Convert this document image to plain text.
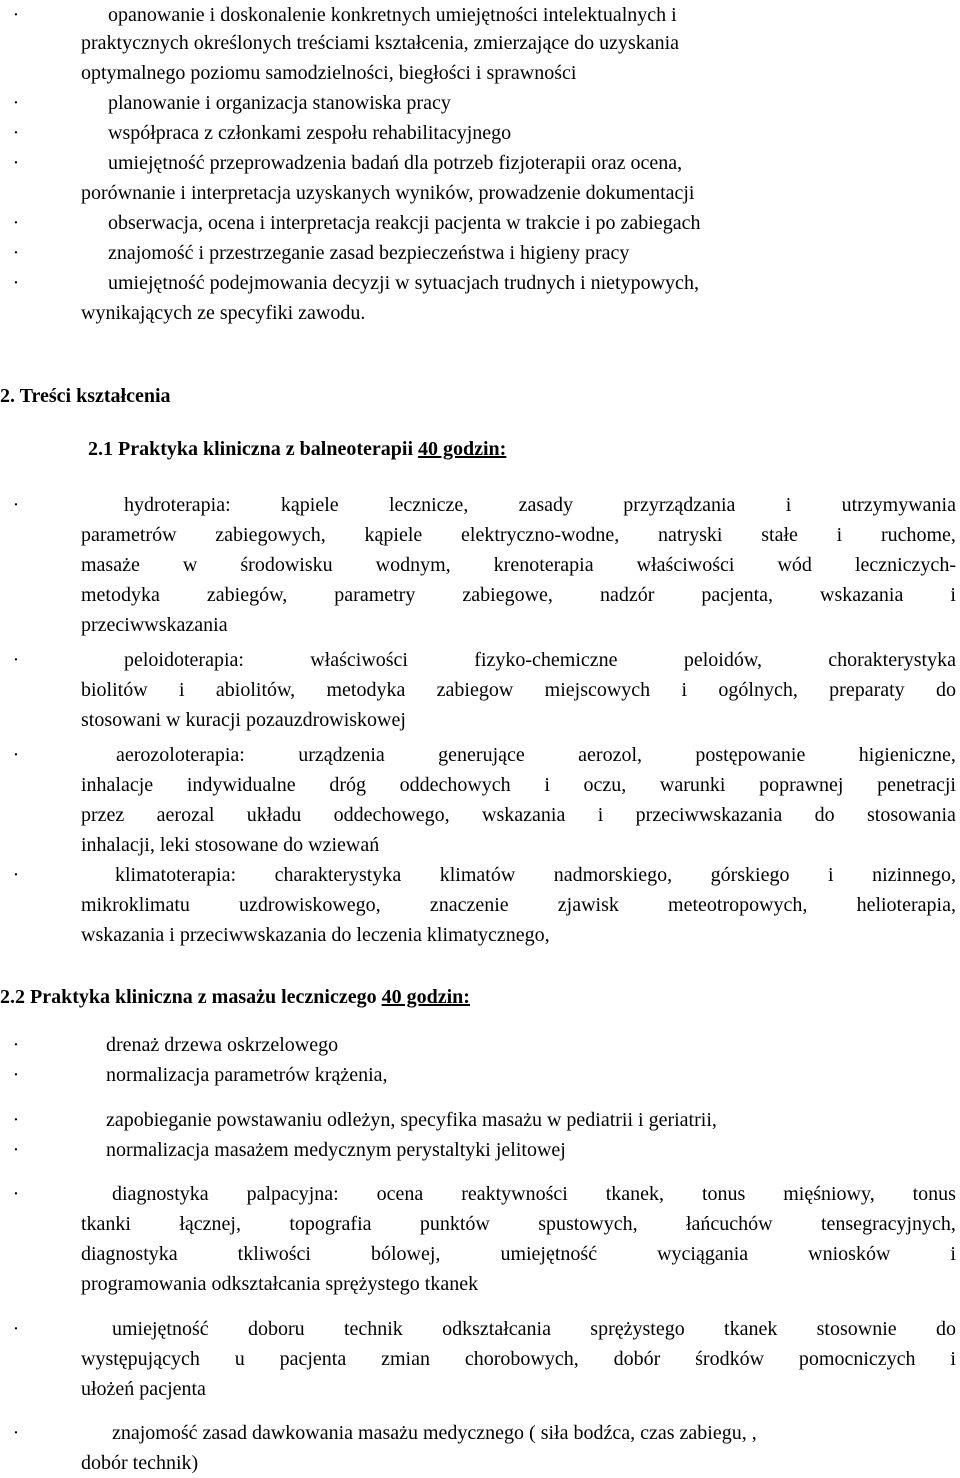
·	opanowanie i doskonalenie konkretnych umiejętności intelektualnych i
praktycznych określonych treściami kształcenia, zmierzające do uzyskania
optymalnego poziomu samodzielności, biegłości i sprawności
·	planowanie i organizacja stanowiska pracy
·	współpraca z członkami zespołu rehabilitacyjnego
·	umiejętność przeprowadzenia badań dla potrzeb fizjoterapii oraz ocena,
porównanie i interpretacja uzyskanych wyników, prowadzenie dokumentacji
·	obserwacja, ocena i interpretacja reakcji pacjenta w trakcie i po zabiegach
·	znajomość i przestrzeganie zasad bezpieczeństwa i higieny pracy
·	umiejętność podejmowania decyzji w sytuacjach trudnych i nietypowych,
wynikających ze specyfiki zawodu.
·	hydroterapia:	kąpiele	lecznicze,	zasady	przyrządzania	i	utrzymywania
parametrów zabiegowych, kąpiele elektryczno-wodne, natryski stałe i ruchome,
masaże w środowisku wodnym, krenoterapia właściwości wód leczniczych-
metodyka zabiegów, parametry zabiegowe, nadzór pacjenta, wskazania i
przeciwwskazania
·	peloidoterapia:	właściwości	fizyko-chemiczne	peloidów,	chorakterystyka
biolitów i abiolitów, metodyka zabiegow miejscowych i ogólnych, preparaty do
stosowani w kuracji pozauzdrowiskowej
·	aerozoloterapia:	urządzenia	generujące	aerozol,	postępowanie	higieniczne,
inhalacje indywidualne dróg oddechowych i oczu, warunki poprawnej penetracji
przez aerozal układu oddechowego, wskazania i przeciwwskazania do stosowania
inhalacji, leki stosowane do wziewań
·	klimatoterapia: charakterystyka klimatów nadmorskiego, górskiego i nizinnego,
mikroklimatu uzdrowiskowego, znaczenie zjawisk meteotropowych, helioterapia,
wskazania i przeciwwskazania do leczenia klimatycznego,
·	drenaż drzewa oskrzelowego
·	normalizacja parametrów krążenia,
·	zapobieganie powstawaniu odleżyn, specyfika masażu w pediatrii i geriatrii,
·	normalizacja masażem medycznym perystaltyki jelitowej
·	diagnostyka palpacyjna: ocena reaktywności tkanek, tonus mięśniowy, tonus
tkanki łącznej, topografia punktów spustowych, łańcuchów tensegracyjnych,
diagnostyka	tkliwości	bólowej,	umiejętność	wyciągania	wniosków	i
programowania odkształcania sprężystego tkanek
·	umiejętność doboru technik odkształcania sprężystego tkanek stosownie do
występujących u pacjenta zmian chorobowych, dobór środków pomocniczych i
ułożeń pacjenta
·	znajomość zasad dawkowania masażu medycznego ( siła bodźca, czas zabiegu, ,
dobór technik)
2. Treści kształcenia
2.1 Praktyka kliniczna z balneoterapii 40 godzin:
2.2 Praktyka kliniczna z masażu leczniczego 40 godzin:
